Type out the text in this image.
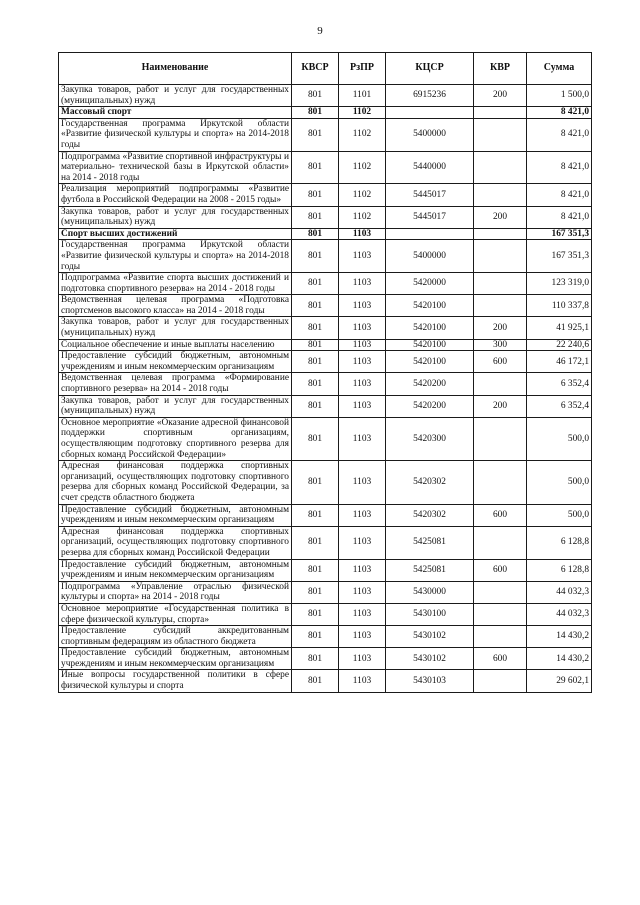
9
Наименование	КВСР	РзПР	КЦСР	КВР	Сумма
Закупка товаров, работ и услуг для государственных (муниципальных) нужд	801	1101	6915236	200	1 500,0
Массовый спорт	801	1102			8 421,0
Государственная программа Иркутской области «Развитие физической культуры и спорта» на 2014-2018 годы	801	1102	5400000		8 421,0
Подпрограмма «Развитие спортивной инфраструктуры и материально- технической базы в Иркутской области» на 2014 - 2018 годы	801	1102	5440000		8 421,0
Реализация мероприятий подпрограммы «Развитие футбола в Российской Федерации на 2008 - 2015 годы»	801	1102	5445017		8 421,0
Закупка товаров, работ и услуг для государственных (муниципальных) нужд	801	1102	5445017	200	8 421,0
Спорт высших достижений	801	1103			167 351,3
Государственная программа Иркутской области «Развитие физической культуры и спорта» на 2014-2018 годы	801	1103	5400000		167 351,3
Подпрограмма «Развитие спорта высших достижений и подготовка спортивного резерва» на 2014 - 2018 годы	801	1103	5420000		123 319,0
Ведомственная целевая программа «Подготовка спортсменов высокого класса» на 2014 - 2018 годы	801	1103	5420100		110 337,8
Закупка товаров, работ и услуг для государственных (муниципальных) нужд	801	1103	5420100	200	41 925,1
Социальное обеспечение и иные выплаты населению	801	1103	5420100	300	22 240,6
Предоставление субсидий бюджетным, автономным учреждениям и иным некоммерческим организациям	801	1103	5420100	600	46 172,1
Ведомственная целевая программа «Формирование спортивного резерва» на 2014 - 2018 годы	801	1103	5420200		6 352,4
Закупка товаров, работ и услуг для государственных (муниципальных) нужд	801	1103	5420200	200	6 352,4
Основное мероприятие «Оказание адресной финансовой поддержки спортивным организациям, осуществляющим подготовку спортивного резерва для сборных команд Российской Федерации»	801	1103	5420300		500,0
Адресная финансовая поддержка спортивных организаций, осуществляющих подготовку спортивного резерва для сборных команд Российской Федерации, за счет средств областного бюджета	801	1103	5420302		500,0
Предоставление субсидий бюджетным, автономным учреждениям и иным некоммерческим организациям	801	1103	5420302	600	500,0
Адресная финансовая поддержка спортивных организаций, осуществляющих подготовку спортивного резерва для сборных команд Российской Федерации	801	1103	5425081		6 128,8
Предоставление субсидий бюджетным, автономным учреждениям и иным некоммерческим организациям	801	1103	5425081	600	6 128,8
Подпрограмма «Управление отраслью физической культуры и спорта» на 2014 - 2018 годы	801	1103	5430000		44 032,3
Основное мероприятие «Государственная политика в сфере физической культуры, спорта»	801	1103	5430100		44 032,3
Предоставление субсидий аккредитованным спортивным федерациям из областного бюджета	801	1103	5430102		14 430,2
Предоставление субсидий бюджетным, автономным учреждениям и иным некоммерческим организациям	801	1103	5430102	600	14 430,2
Иные вопросы государственной политики в сфере физической культуры и спорта	801	1103	5430103		29 602,1
